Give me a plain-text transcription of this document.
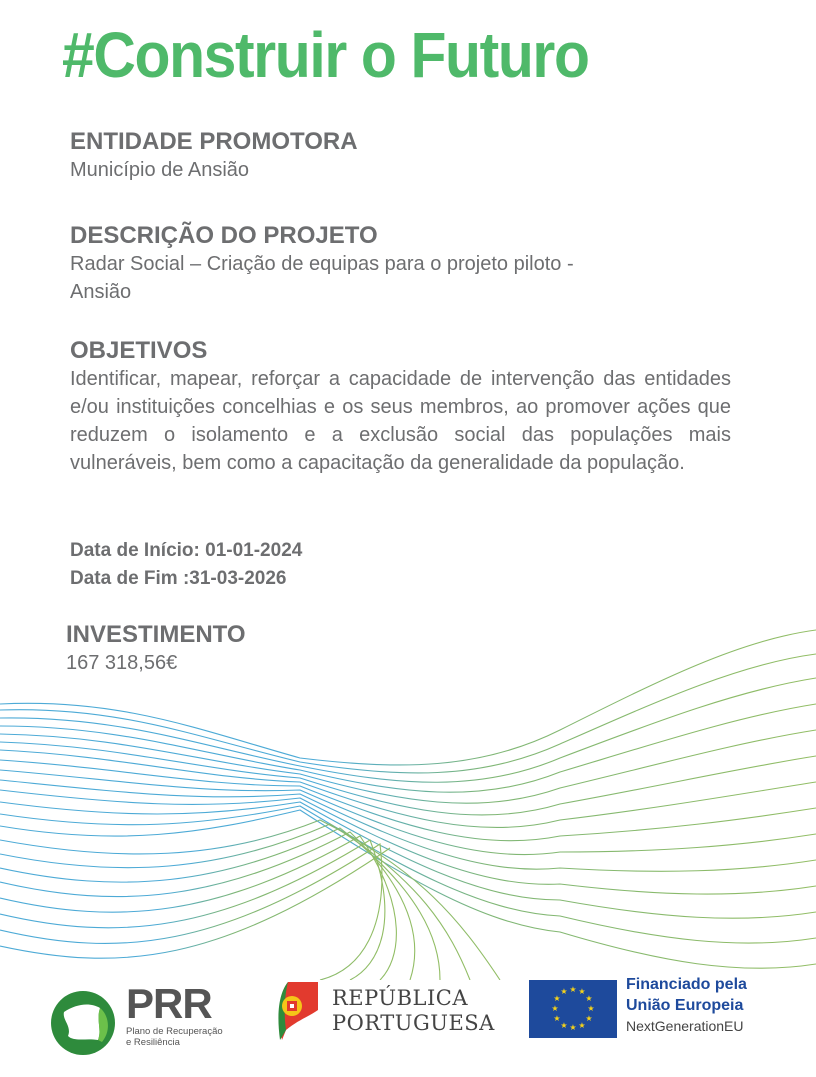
#Construir o Futuro
ENTIDADE PROMOTORA
Município de Ansião
DESCRIÇÃO DO PROJETO
Radar Social – Criação de equipas para o projeto piloto -
Ansião
OBJETIVOS
Identificar, mapear, reforçar a capacidade de intervenção das entidades e/ou instituições concelhias e os seus membros, ao promover ações que reduzem o isolamento e a exclusão social das populações mais vulneráveis, bem como a capacitação da generalidade da população.
Data de Início: 01-01-2024
Data de Fim :31-03-2026
INVESTIMENTO
167 318,56€
PRR
Plano de Recuperação
e Resiliência
REPÚBLICA
PORTUGUESA
★ ★
★
★
★
★
★
★
★
★
★
★	Financiado pela
União Europeia
NextGenerationEU
